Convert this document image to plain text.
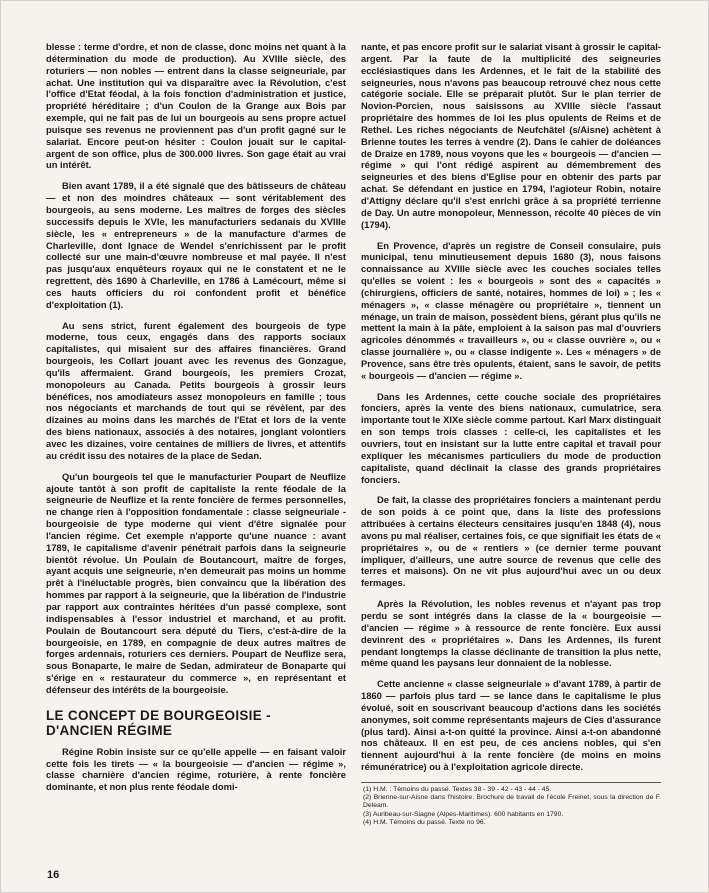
blesse : terme d'ordre, et non de classe, donc moins net quant à la détermination du mode de production). Au XVIIIe siècle, des roturiers — non nobles — entrent dans la classe seigneuriale, par achat. Une institution qui va disparaître avec la Révolution, c'est l'office d'Etat féodal, à la fois fonction d'administration et justice, propriété héréditaire ; d'un Coulon de la Grange aux Bois par exemple, qui ne fait pas de lui un bourgeois au sens propre actuel puisque ses revenus ne proviennent pas d'un profit gagné sur le salariat. Encore peut-on hésiter : Coulon jouait sur le capital-argent de son office, plus de 300.000 livres. Son gage était au vrai un intérêt.

Bien avant 1789, il a été signalé que des bâtisseurs de château — et non des moindres châteaux — sont véritablement des bourgeois, au sens moderne. Les maîtres de forges des siècles successifs depuis le XVIe, les manufacturiers sedanais du XVIIIe siècle, les « entrepreneurs » de la manufacture d'armes de Charleville, dont Ignace de Wendel s'enrichissent par le profit collecté sur une main-d'œuvre nombreuse et mal payée. Il n'est pas jusqu'aux enquêteurs royaux qui ne le constatent et ne le regrettent, dès 1690 à Charleville, en 1786 à Lamécourt, même si ces hauts officiers du roi confondent profit et bénéfice d'exploitation (1).

Au sens strict, furent également des bourgeois de type moderne, tous ceux, engagés dans des rapports sociaux capitalistes, qui misaient sur des affaires financières. Grand bourgeois, les Collart jouant avec les revenus des Gonzague, qu'ils affermaient. Grand bourgeois, les premiers Crozat, monopoleurs au Canada. Petits bourgeois à grossir leurs bénéfices, nos amodiateurs assez monopoleurs en famille ; tous nos négociants et marchands de tout qui se révèlent, par des dizaines au moins dans les marchés de l'Etat et lors de la vente des biens nationaux, associés à des notaires, jonglant volontiers avec les dizaines, voire centaines de milliers de livres, et attentifs au crédit issu des notaires de la place de Sedan.

Qu'un bourgeois tel que le manufacturier Poupart de Neuflize ajoute tantôt à son profit de capitaliste la rente féodale de la seigneurie de Neuflize et la rente foncière de fermes personnelles, ne change rien à l'opposition fondamentale : classe seigneuriale - bourgeoisie de type moderne qui vient d'être signalée pour l'ancien régime. Cet exemple n'apporte qu'une nuance : avant 1789, le capitalisme d'avenir pénétrait parfois dans la seigneurie bientôt révolue. Un Poulain de Boutancourt, maître de forges, ayant acquis une seigneurie, n'en demeurait pas moins un homme prêt à l'inéluctable progrès, bien convaincu que la libération des hommes par rapport à la seigneurie, que la libération de l'industrie par rapport aux contraintes héritées d'un passé complexe, sont indispensables à l'essor industriel et marchand, et au profit. Poulain de Boutancourt sera député du Tiers, c'est-à-dire de la bourgeoisie, en 1789, en compagnie de deux autres maîtres de forges ardennais, roturiers ces derniers. Poupart de Neuflize sera, sous Bonaparte, le maire de Sedan, admirateur de Bonaparte qui s'érige en « restaurateur du commerce », en représentant et défenseur des intérêts de la bourgeoisie.

LE CONCEPT DE BOURGEOISIE -
D'ANCIEN RÉGIME

Régine Robin insiste sur ce qu'elle appelle — en faisant valoir cette fois les tirets — « la bourgeoisie — d'ancien — régime », classe charnière d'ancien régime, roturière, à rente foncière dominante, et non plus rente féodale domi-

nante, et pas encore profit sur le salariat visant à grossir le capital-argent. Par la faute de la multiplicité des seigneuries ecclésiastiques dans les Ardennes, et le fait de la stabilité des seigneuries, nous n'avons pas beaucoup retrouvé chez nous cette catégorie sociale. Elle se préparait plutôt. Sur le plan terrier de Novion-Porcien, nous saisissons au XVIIIe siècle l'assaut propriétaire des hommes de loi les plus opulents de Reims et de Rethel. Les riches négociants de Neufchâtel (s/Aisne) achètent à Brienne toutes les terres à vendre (2). Dans le cahier de doléances de Draize en 1789, nous voyons que les « bourgeois — d'ancien — régime » qui l'ont rédigé aspirent au démembrement des seigneuries et des biens d'Eglise pour en obtenir des parts par achat. Se défendant en justice en 1794, l'agioteur Robin, notaire d'Attigny déclare qu'il s'est enrichi grâce à sa propriété terrienne de Day. Un autre monopoleur, Mennesson, récolte 40 pièces de vin (1794).

En Provence, d'après un registre de Conseil consulaire, puis municipal, tenu minutieusement depuis 1680 (3), nous faisons connaissance au XVIIIe siècle avec les couches sociales telles qu'elles se voient : les « bourgeois » sont des « capacités » (chirurgiens, officiers de santé, notaires, hommes de loi) » ; les « ménagers », « classe ménagère ou propriétaire », tiennent un ménage, un train de maison, possèdent biens, gérant plus qu'ils ne mettent la main à la pâte, emploient à la saison pas mal d'ouvriers agricoles dénommés « travailleurs », ou « classe ouvrière », ou « classe journalière », ou « classe indigente ». Les « ménagers » de Provence, sans être très opulents, étaient, sans le savoir, de petits « bourgeois — d'ancien — régime ».

Dans les Ardennes, cette couche sociale des propriétaires fonciers, après la vente des biens nationaux, cumulatrice, sera importante tout le XIXe siècle comme partout. Karl Marx distinguait en son temps trois classes : celle-ci, les capitalistes et les ouvriers, tout en insistant sur la lutte entre capital et travail pour expliquer les mécanismes particuliers du mode de production capitaliste, quand déclinait la classe des grands propriétaires fonciers.

De fait, la classe des propriétaires fonciers a maintenant perdu de son poids à ce point que, dans la liste des professions attribuées à certains électeurs censitaires jusqu'en 1848 (4), nous avons pu mal réaliser, certaines fois, ce que signifiait les états de « propriétaires », ou de « rentiers » (ce dernier terme pouvant impliquer, d'ailleurs, une autre source de revenus que celle des terres et maisons). On ne vit plus aujourd'hui avec un ou deux fermages.

Après la Révolution, les nobles revenus et n'ayant pas trop perdu se sont intégrés dans la classe de la « bourgeoisie — d'ancien — régime » à ressource de rente foncière. Eux aussi devinrent des « propriétaires ». Dans les Ardennes, ils furent pendant longtemps la classe déclinante de transition la plus nette, même quand les paysans leur donnaient de la noblesse.

Cette ancienne « classe seigneuriale » d'avant 1789, à partir de 1860 — parfois plus tard — se lance dans le capitalisme le plus évolué, soit en souscrivant beaucoup d'actions dans les sociétés anonymes, soit comme représentants majeurs de Cies d'assurance (plus tard). Ainsi a-t-on quitté la province. Ainsi a-t-on abandonné nos châteaux. Il en est peu, de ces anciens nobles, qui s'en tiennent aujourd'hui à la rente foncière (de moins en moins rémunératrice) ou à l'exploitation agricole directe.

(1) H.M. : Témoins du passé. Textes 38 - 39 - 42 - 43 - 44 - 45.
(2) Brienne-sur-Aisne dans l'histoire. Brochure de travail de l'école Freinet, sous la direction de F. Deleam.
(3) Auribeau-sur-Siagne (Alpes-Maritimes). 600 habitants en 1790.
(4) H.M. Témoins du passé. Texte no 96.
16
